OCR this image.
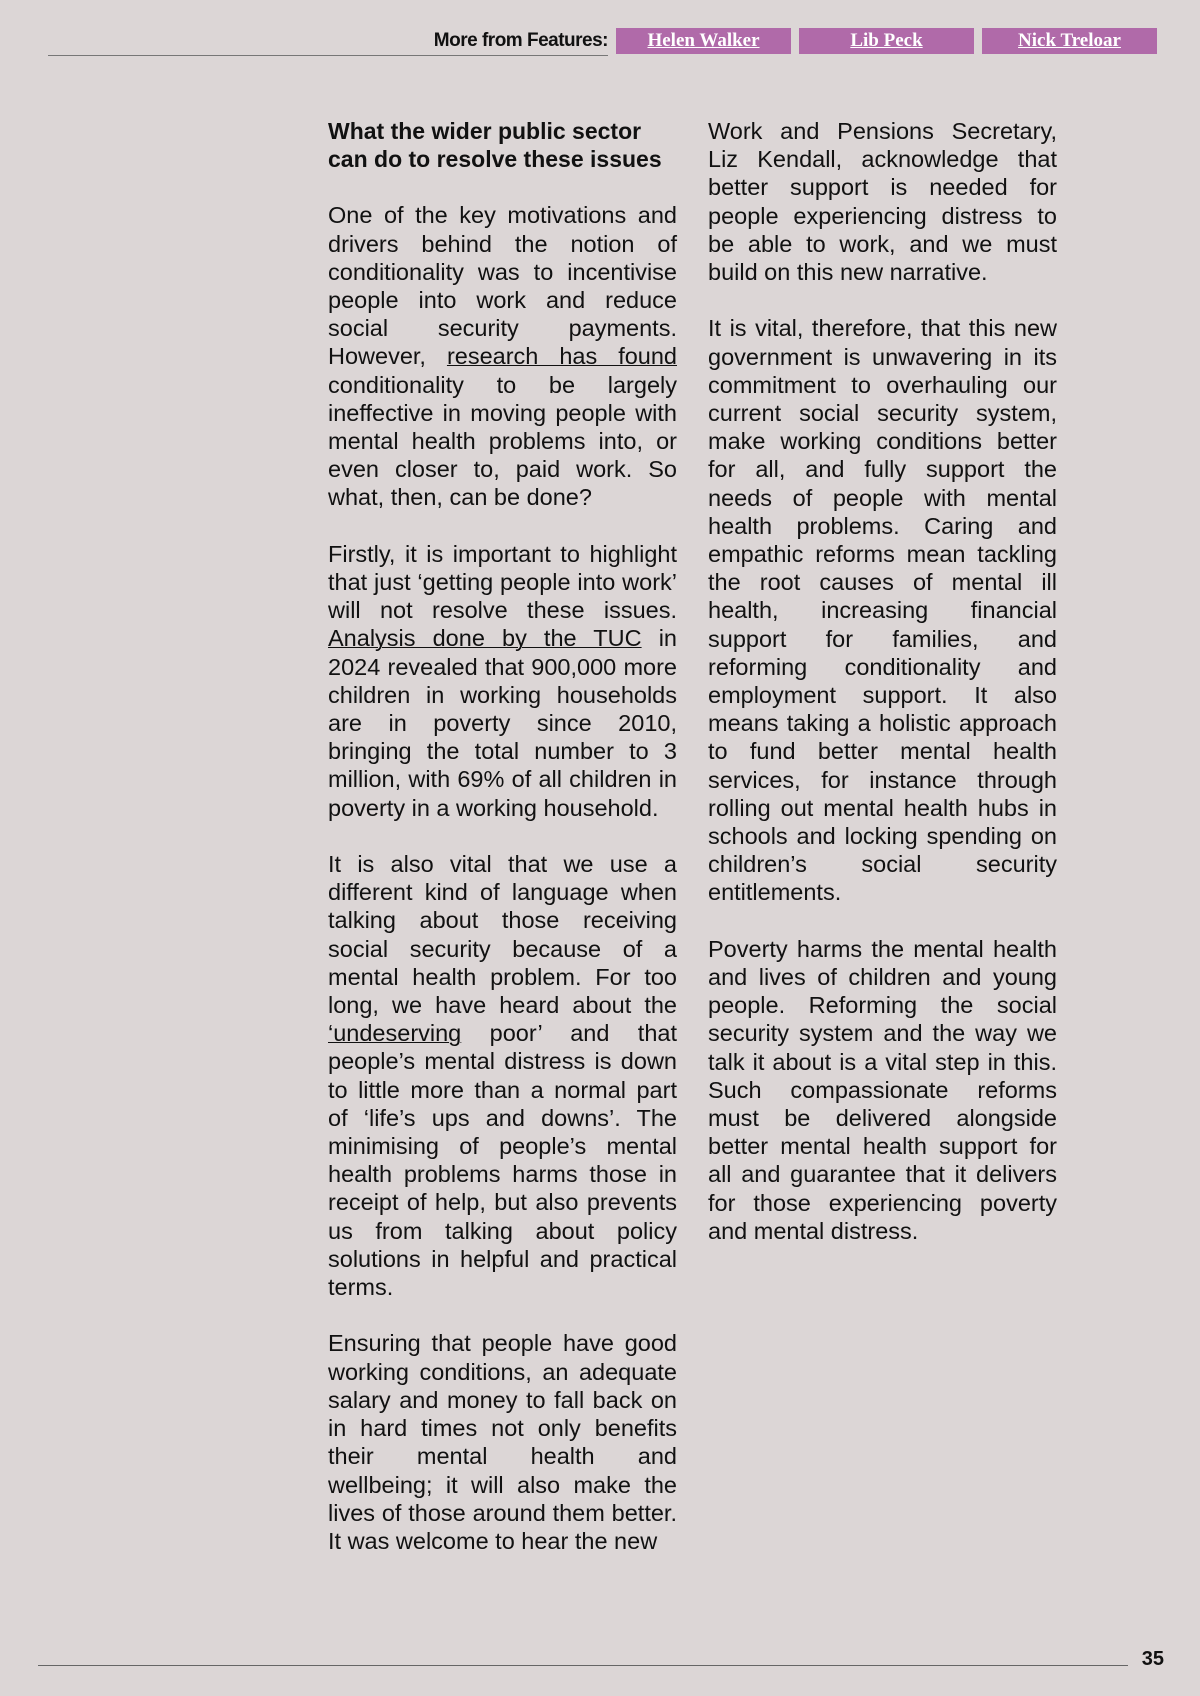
More from Features:	Helen Walker	Lib Peck	Nick Treloar
What the wider public sector can do to resolve these issues

One of the key motivations and drivers behind the notion of conditionality was to incentivise people into work and reduce social security payments. However, research has found conditionality to be largely ineffective in moving people with mental health problems into, or even closer to, paid work. So what, then, can be done?

Firstly, it is important to highlight that just ‘getting people into work’ will not resolve these issues. Analysis done by the TUC in 2024 revealed that 900,000 more children in working households are in poverty since 2010, bringing the total number to 3 million, with 69% of all children in poverty in a working household.

It is also vital that we use a different kind of language when talking about those receiving social security because of a mental health problem. For too long, we have heard about the ‘undeserving poor’ and that people’s mental distress is down to little more than a normal part of ‘life’s ups and downs’. The minimising of people’s mental health problems harms those in receipt of help, but also prevents us from talking about policy solutions in helpful and practical terms.

Ensuring that people have good working conditions, an adequate salary and money to fall back on in hard times not only benefits their mental health and wellbeing; it will also make the lives of those around them better. It was welcome to hear the new

Work and Pensions Secretary, Liz Kendall, acknowledge that better support is needed for people experiencing distress to be able to work, and we must build on this new narrative.

It is vital, therefore, that this new government is unwavering in its commitment to overhauling our current social security system, make working conditions better for all, and fully support the needs of people with mental health problems. Caring and empathic reforms mean tackling the root causes of mental ill health, increasing financial support for families, and reforming conditionality and employment support. It also means taking a holistic approach to fund better mental health services, for instance through rolling out mental health hubs in schools and locking spending on children’s social security entitlements.

Poverty harms the mental health and lives of children and young people. Reforming the social security system and the way we talk it about is a vital step in this. Such compassionate reforms must be delivered alongside better mental health support for all and guarantee that it delivers for those experiencing poverty and mental distress.

35
